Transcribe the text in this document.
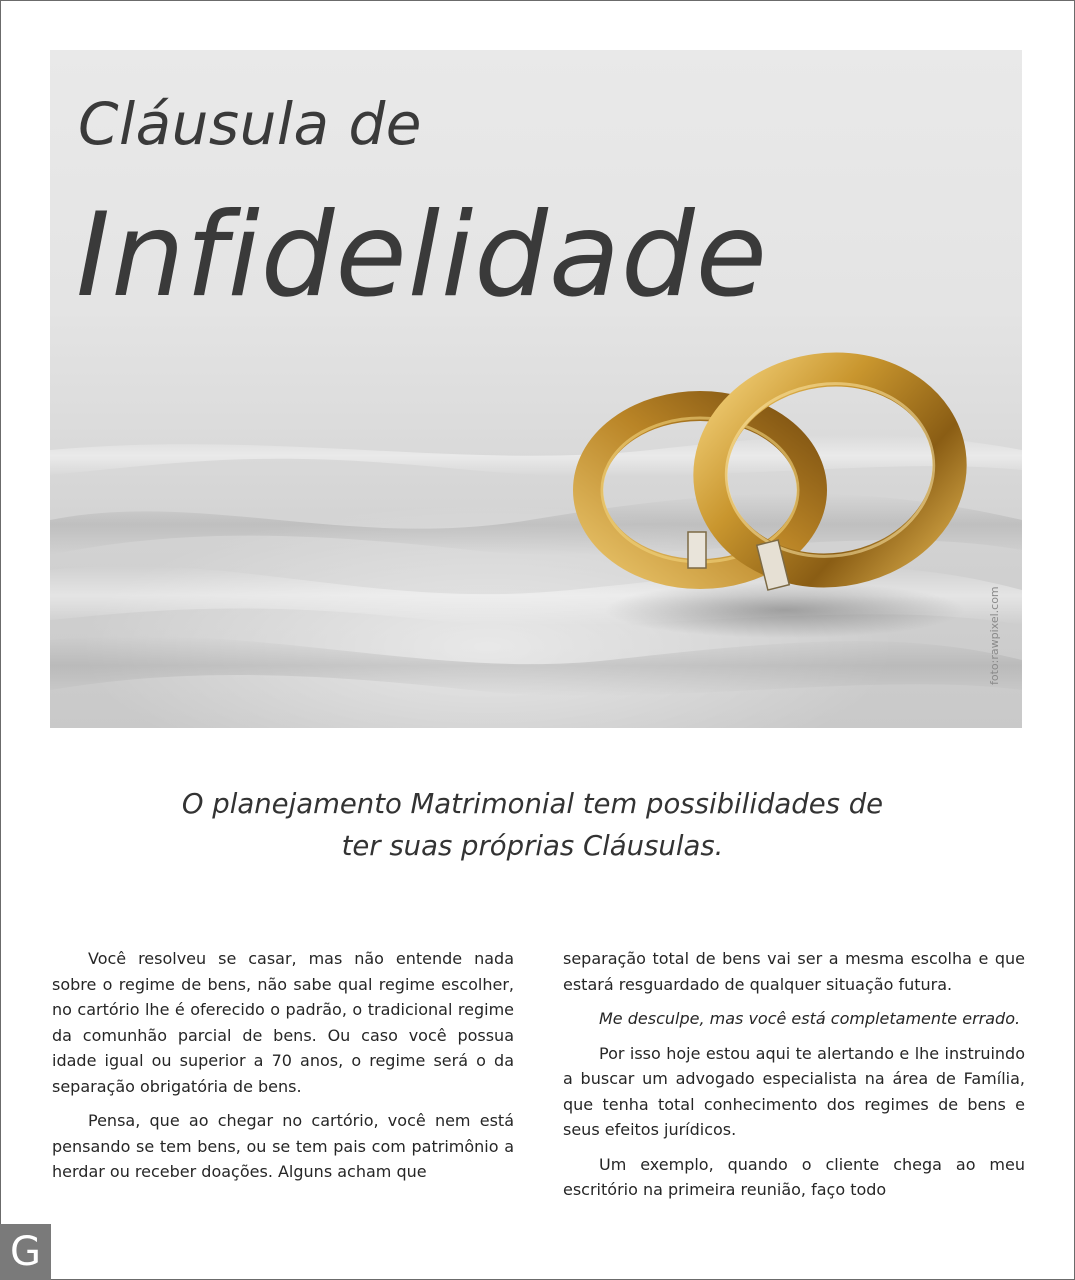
Cláusula de
Infidelidade
foto:rawpixel.com
O planejamento Matrimonial tem possibilidades de
ter suas próprias Cláusulas.

Você resolveu se casar, mas não entende nada sobre o regime de bens, não sabe qual regime escolher, no cartório lhe é oferecido o padrão, o tradicional regime da comunhão parcial de bens. Ou caso você possua idade igual ou superior a 70 anos, o regime será o da separação obrigatória de bens.

Pensa, que ao chegar no cartório, você nem está pensando se tem bens, ou se tem pais com patrimônio a herdar ou receber doações. Alguns acham que

separação total de bens vai ser a mesma escolha e que estará resguardado de qualquer situação futura.

Me desculpe, mas você está completamente errado.

Por isso hoje estou aqui te alertando e lhe instruindo a buscar um advogado especialista na área de Família, que tenha total conhecimento dos regimes de bens e seus efeitos jurídicos.

Um exemplo, quando o cliente chega ao meu escritório na primeira reunião, faço todo

G
